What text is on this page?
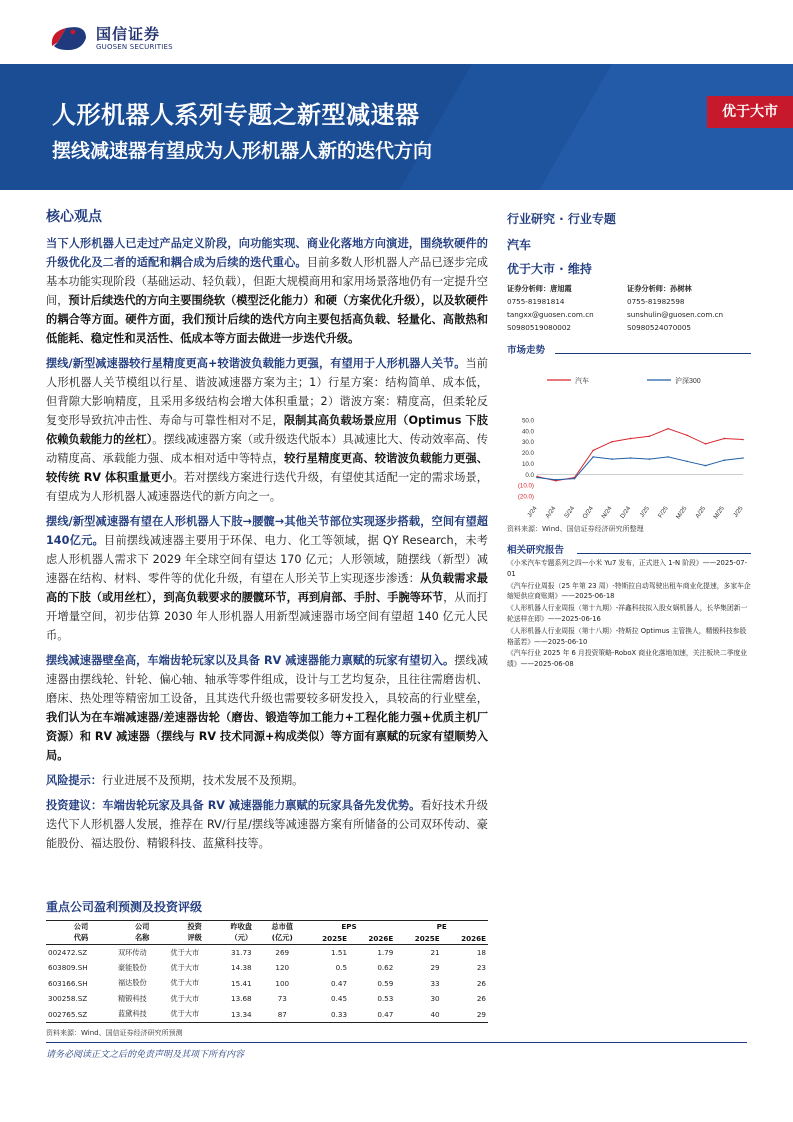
国信证券
GUOSEN SECURITIES
人形机器人系列专题之新型减速器
摆线减速器有望成为人形机器人新的迭代方向
优于大市
核心观点

当下人形机器人已走过产品定义阶段，向功能实现、商业化落地方向演进，围绕软硬件的升级优化及二者的适配和耦合成为后续的迭代重心。目前多数人形机器人产品已逐步完成基本功能实现阶段（基础运动、轻负载），但距大规模商用和家用场景落地仍有一定提升空间，预计后续迭代的方向主要围绕软（模型泛化能力）和硬（方案优化升级），以及软硬件的耦合等方面。硬件方面，我们预计后续的迭代方向主要包括高负载、轻量化、高散热和低能耗、稳定性和灵活性、低成本等方面去做进一步迭代升级。

摆线/新型减速器较行星精度更高+较谐波负载能力更强，有望用于人形机器人关节。当前人形机器人关节模组以行星、谐波减速器方案为主；1）行星方案：结构简单、成本低，但背隙大影响精度，且采用多级结构会增大体积重量；2）谐波方案：精度高，但柔轮反复变形导致抗冲击性、寿命与可靠性相对不足，限制其高负载场景应用（Optimus 下肢依赖负载能力的丝杠）。摆线减速器方案（或升级迭代版本）具减速比大、传动效率高、传动精度高、承载能力强、成本相对适中等特点，较行星精度更高、较谐波负载能力更强、较传统 RV 体积重量更小。若对摆线方案进行迭代升级，有望使其适配一定的需求场景，有望成为人形机器人减速器迭代的新方向之一。

摆线/新型减速器有望在人形机器人下肢→腰髋→其他关节部位实现逐步搭载，空间有望超140亿元。目前摆线减速器主要用于环保、电力、化工等领域，据 QY Research，未考虑人形机器人需求下 2029 年全球空间有望达 170 亿元；人形领域，随摆线（新型）减速器在结构、材料、零件等的优化升级，有望在人形关节上实现逐步渗透：从负载需求最高的下肢（或用丝杠），到高负载要求的腰髋环节，再到肩部、手肘、手腕等环节，从而打开增量空间，初步估算 2030 年人形机器人用新型减速器市场空间有望超 140 亿元人民币。

摆线减速器壁垒高，车端齿轮玩家以及具备 RV 减速器能力禀赋的玩家有望切入。摆线减速器由摆线轮、针轮、偏心轴、轴承等零件组成，设计与工艺均复杂，且往往需磨齿机、磨床、热处理等精密加工设备，且其迭代升级也需要较多研发投入，具较高的行业壁垒，我们认为在车端减速器/差速器齿轮（磨齿、锻造等加工能力+工程化能力强+优质主机厂资源）和 RV 减速器（摆线与 RV 技术同源+构成类似）等方面有禀赋的玩家有望顺势入局。

风险提示：行业进展不及预期，技术发展不及预期。

投资建议：车端齿轮玩家及具备 RV 减速器能力禀赋的玩家具备先发优势。看好技术升级迭代下人形机器人发展，推荐在 RV/行星/摆线等减速器方案有所储备的公司双环传动、豪能股份、福达股份、精锻科技、蓝黛科技等。

重点公司盈利预测及投资评级
公司	公司	投资	昨收盘	总市值	EPS		PE	
代码	名称	评级	（元）	(亿元)	2025E	2026E	2025E	2026E
002472.SZ	双环传动	优于大市	31.73	269	1.51	1.79	21	18
603809.SH	豪能股份	优于大市	14.38	120	0.5	0.62	29	23
603166.SH	福达股份	优于大市	15.41	100	0.47	0.59	33	26
300258.SZ	精锻科技	优于大市	13.68	73	0.45	0.53	30	26
002765.SZ	蓝黛科技	优于大市	13.34	87	0.33	0.47	40	29
资料来源：Wind、国信证券经济研究所预测
请务必阅读正文之后的免责声明及其项下所有内容
行业研究 · 行业专题
汽车
优于大市 · 维持
证券分析师：唐旭霞
0755-81981814
tangxx@guosen.com.cn
S0980519080002
证券分析师：孙树林
0755-81982598
sunshulin@guosen.com.cn
S0980524070005
市场走势
汽车	沪深300
50.0
40.0
30.0
20.0
10.0
0.0
(10.0)
(20.0)
J/24 A/24 S/24 O/24 N/24 D/24 J/25 F/25 M/25 A/25 M/25 J/25
资料来源：Wind、国信证券经济研究所整理
相关研究报告
《小米汽车专题系列之四—小米 Yu7 发布，正式进入 1-N 阶段》——2025-07-01
《汽车行业周报（25 年第 23 周）-特斯拉自动驾驶出租车商业化提速，多家车企缩短供应商账期》——2025-06-18
《人形机器人行业周报（第十九期）-祥鑫科技拟入股女娲机器人，长华集团新一轮送样在即》——2025-06-16
《人形机器人行业周报（第十八期）-特斯拉 Optimus 主管换人，精锻科技参股格蓝若》——2025-06-10
《汽车行业 2025 年 6 月投资策略-RoboX 商业化落地加速，关注板块二季度业绩》——2025-06-08
